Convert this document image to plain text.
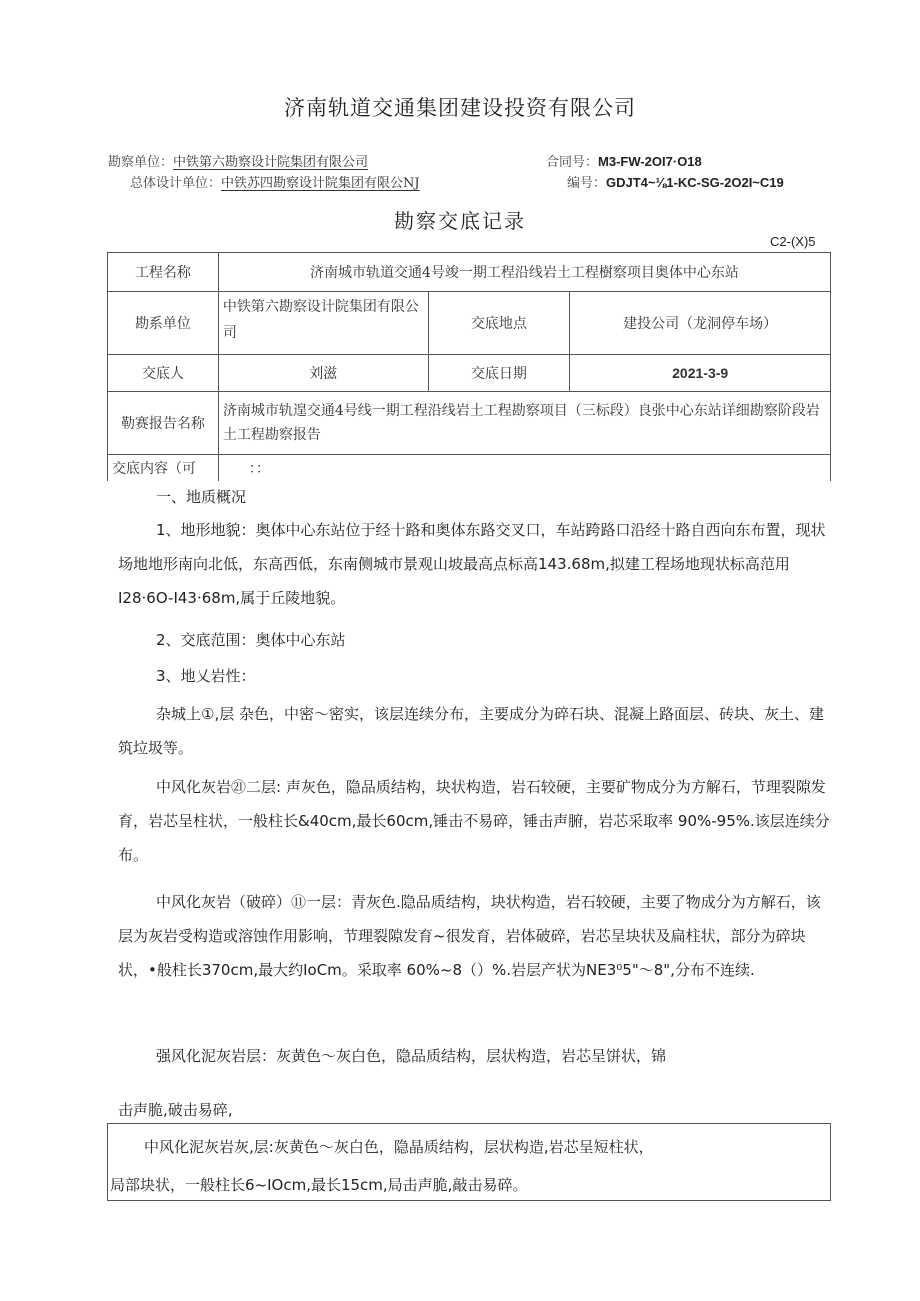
济南轨道交通集团建设投资有限公司
勘察单位：中铁第六勘察设计院集团有限公司	合同号：M3-FW-2OI7·O18
总体设计单位：中铁苏四勘察设计院集团有限公NJ	编号：GDJT4~⅛1-KC-SG-2O2I~C19
勘察交底记录
C2-(X)5
工程名称	济南城市轨道交通4号竣一期工程沿线岩土工程樹察项目奥体中心东站		
勘系单位	中铁第六勘察设计院集团有限公司	交底地点	建投公司（龙洞停车场）
交底人	刘滋	交底日期	2021-3-9
勒赛报告名称	济南城市轨遑交通4号线一期工程沿线岩土工程勘察项目（三标段）良张中心东站详细勘察阶段岩土工程勘察报告		
交底内容（可	：：		
一、地质概况
1、地形地貌：奥体中心东站位于经十路和奥体东路交叉口，车站跨路口沿经十路自西向东布置，现状场地地形南向北低，东高西低，东南侧城市景观山坡最高点标高143.68m,拟建工程场地现状标高范用I28·6O-I43·68m,属于丘陵地貌。
2、交底范围：奥体中心东站
3、地乂岩性：
杂城上①,层 杂色，中密～密实，该层连续分布，主要成分为碎石块、混凝上路面层、砖块、灰土、建筑垃圾等。
中风化灰岩㉑二层: 声灰色，隐品质结构，块状构造，岩石较硬，主要矿物成分为方解石，节理裂隙发育，岩芯呈柱状，一般柱长&40cm,最长60cm,锤击不易碎，锤击声腑，岩芯采取率 90%-95%.该层连续分布。
中风化灰岩（破碎）⑪一层：青灰色.隐品质结构，块状构造，岩石较硬，主要了物成分为方解石，该层为灰岩受构造或溶蚀作用影响，节理裂隙发育~很发育，岩体破碎，岩芯呈块状及扁柱状，部分为碎块状，•般柱长370cm,最大约IoCm。采取率 60%~8（）%.岩层产状为NE3⁰5"～8",分布不连续.
强风化泥灰岩层：灰黄色～灰白色，隐品质结构，层状构造，岩芯呈饼状，锦
击声脆,破击易碎,
中风化泥灰岩灰,层:灰黄色～灰白色，隐晶质结构，层状构造,岩芯呈短柱状，
局部块状，一般柱长6~IOcm,最长15cm,局击声脆,敲击易碎。
